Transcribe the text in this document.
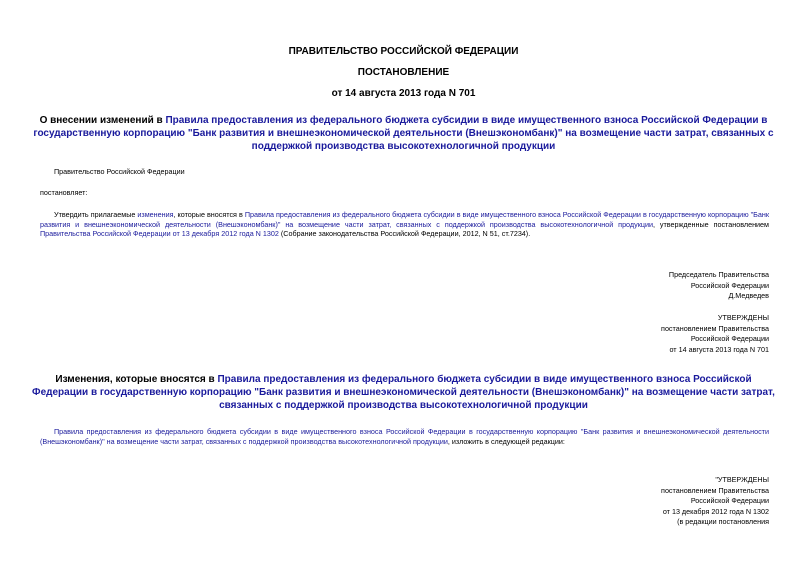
ПРАВИТЕЛЬСТВО РОССИЙСКОЙ ФЕДЕРАЦИИ
ПОСТАНОВЛЕНИЕ
от 14 августа 2013 года N 701
О внесении изменений в Правила предоставления из федерального бюджета субсидии в виде имущественного взноса Российской Федерации в государственную корпорацию "Банк развития и внешнеэкономической деятельности (Внешэкономбанк)" на возмещение части затрат, связанных с поддержкой производства высокотехнологичной продукции
Правительство Российской Федерации
постановляет:
Утвердить прилагаемые изменения, которые вносятся в Правила предоставления из федерального бюджета субсидии в виде имущественного взноса Российской Федерации в государственную корпорацию "Банк развития и внешнеэкономической деятельности (Внешэкономбанк)" на возмещение части затрат, связанных с поддержкой производства высокотехнологичной продукции, утвержденные постановлением Правительства Российской Федерации от 13 декабря 2012 года N 1302 (Собрание законодательства Российской Федерации, 2012, N 51, ст.7234).
Председатель Правительства
Российской Федерации
Д.Медведев
УТВЕРЖДЕНЫ
постановлением Правительства
Российской Федерации
от 14 августа 2013 года N 701
Изменения, которые вносятся в Правила предоставления из федерального бюджета субсидии в виде имущественного взноса Российской Федерации в государственную корпорацию "Банк развития и внешнеэкономической деятельности (Внешэкономбанк)" на возмещение части затрат, связанных с поддержкой производства высокотехнологичной продукции
Правила предоставления из федерального бюджета субсидии в виде имущественного взноса Российской Федерации в государственную корпорацию "Банк развития и внешнеэкономической деятельности (Внешэкономбанк)" на возмещение части затрат, связанных с поддержкой производства высокотехнологичной продукции, изложить в следующей редакции:
"УТВЕРЖДЕНЫ
постановлением Правительства
Российской Федерации
от 13 декабря 2012 года N 1302
(в редакции постановления
